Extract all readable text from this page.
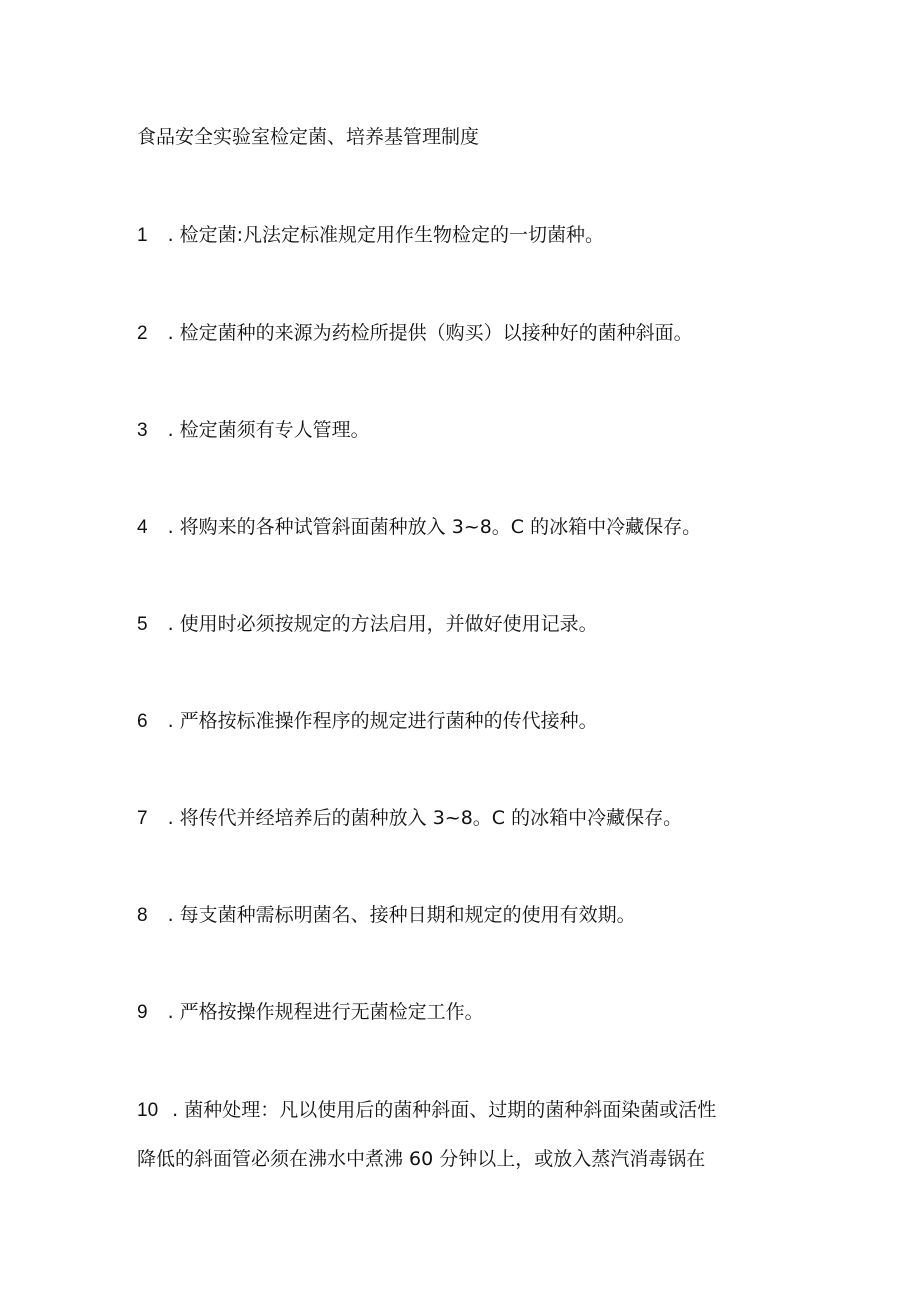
食品安全实验室检定菌、培养基管理制度
1 . 检定菌:凡法定标准规定用作生物检定的一切菌种。
2 . 检定菌种的来源为药检所提供（购买）以接种好的菌种斜面。
3 . 检定菌须有专人管理。
4 . 将购来的各种试管斜面菌种放入 3~8。C 的冰箱中冷藏保存。
5 . 使用时必须按规定的方法启用，并做好使用记录。
6 . 严格按标准操作程序的规定进行菌种的传代接种。
7 . 将传代并经培养后的菌种放入 3~8。C 的冰箱中冷藏保存。
8 . 每支菌种需标明菌名、接种日期和规定的使用有效期。
9 . 严格按操作规程进行无菌检定工作。
10 . 菌种处理：凡以使用后的菌种斜面、过期的菌种斜面染菌或活性
降低的斜面管必须在沸水中煮沸 60 分钟以上，或放入蒸汽消毒锅在
